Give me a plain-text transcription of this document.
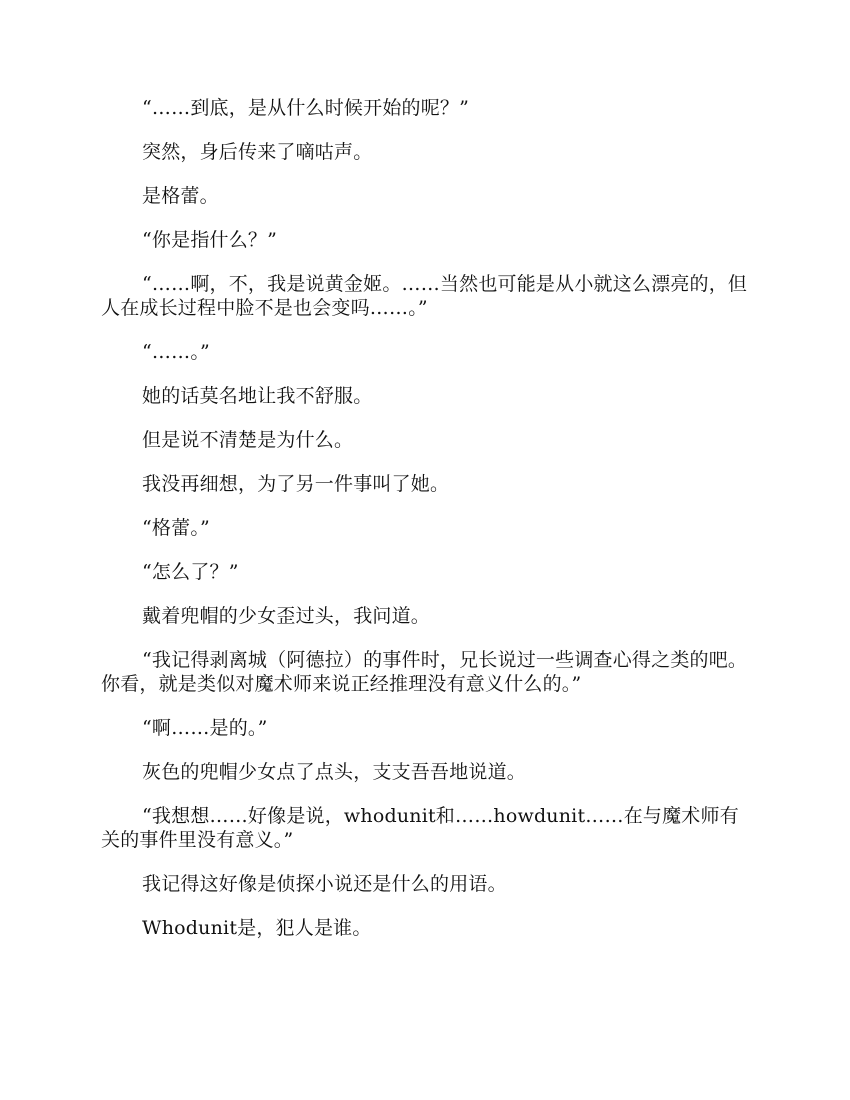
“……到底，是从什么时候开始的呢？”

突然，身后传来了嘀咕声。

是格蕾。

“你是指什么？”

“……啊，不，我是说黄金姬。……当然也可能是从小就这么漂亮的，但人在成长过程中脸不是也会变吗……。”

“……。”

她的话莫名地让我不舒服。

但是说不清楚是为什么。

我没再细想，为了另一件事叫了她。

“格蕾。”

“怎么了？”

戴着兜帽的少女歪过头，我问道。

“我记得剥离城（阿德拉）的事件时，兄长说过一些调查心得之类的吧。你看，就是类似对魔术师来说正经推理没有意义什么的。”

“啊……是的。”

灰色的兜帽少女点了点头，支支吾吾地说道。

“我想想……好像是说，whodunit和……howdunit……在与魔术师有关的事件里没有意义。”

我记得这好像是侦探小说还是什么的用语。

Whodunit是，犯人是谁。
